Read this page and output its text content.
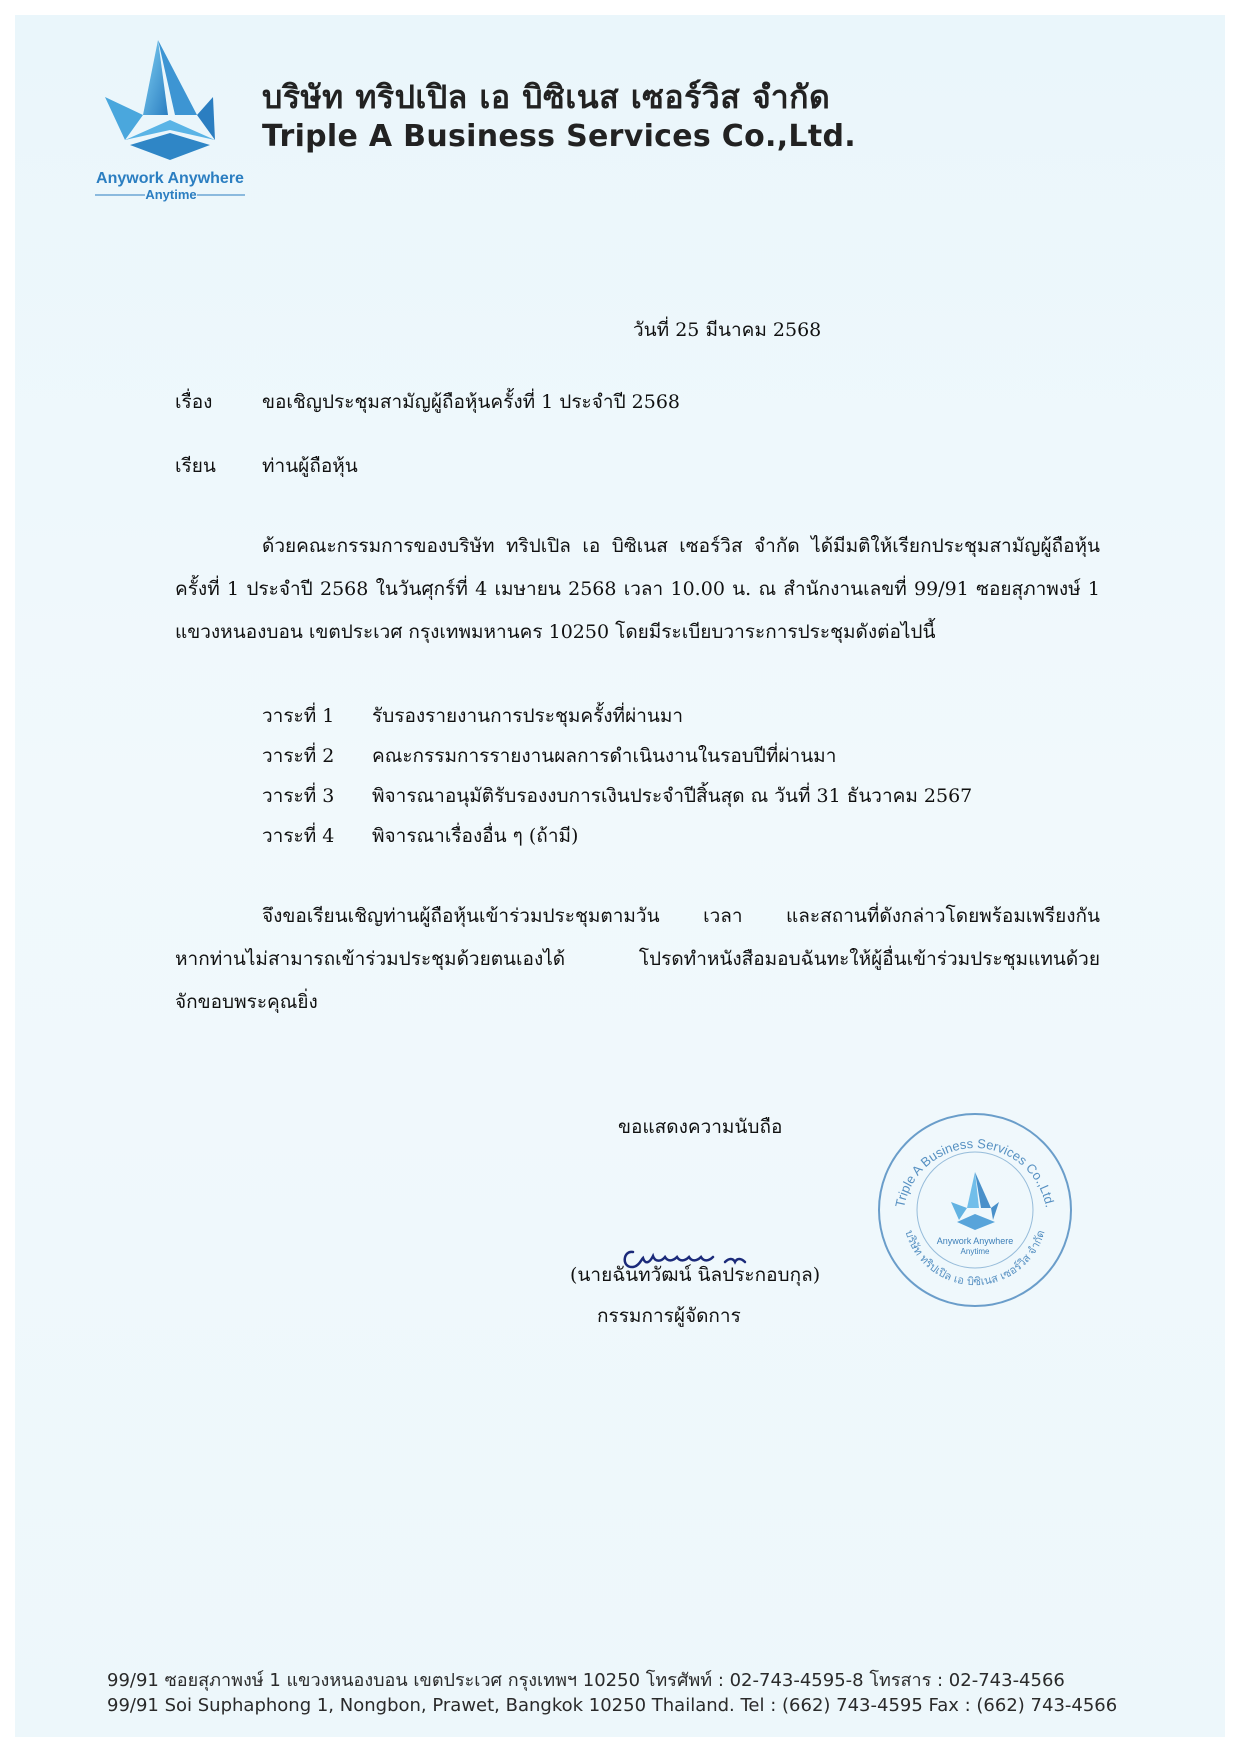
Anywork Anywhere
Anytime
บริษัท ทริปเปิล เอ บิซิเนส เซอร์วิส จำกัด
Triple A Business Services Co.,Ltd.
วันที่ 25 มีนาคม 2568
เรื่อง	ขอเชิญประชุมสามัญผู้ถือหุ้นครั้งที่ 1 ประจำปี 2568
เรียน ท่านผู้ถือหุ้น

ด้วยคณะกรรมการของบริษัท ทริปเปิล เอ บิซิเนส เซอร์วิส จำกัด ได้มีมติให้เรียกประชุมสามัญผู้ถือหุ้น

ครั้งที่ 1 ประจำปี 2568 ในวันศุกร์ที่ 4 เมษายน 2568 เวลา 10.00 น. ณ สำนักงานเลขที่ 99/91 ซอยสุภาพงษ์ 1

แขวงหนองบอน เขตประเวศ กรุงเทพมหานคร 10250 โดยมีระเบียบวาระการประชุมดังต่อไปนี้

วาระที่ 1 รับรองรายงานการประชุมครั้งที่ผ่านมา
วาระที่ 2 คณะกรรมการรายงานผลการดำเนินงานในรอบปีที่ผ่านมา
วาระที่ 3 พิจารณาอนุมัติรับรองงบการเงินประจำปีสิ้นสุด ณ วันที่ 31 ธันวาคม 2567
วาระที่ 4 พิจารณาเรื่องอื่น ๆ (ถ้ามี)

จึงขอเรียนเชิญท่านผู้ถือหุ้นเข้าร่วมประชุมตามวัน เวลา และสถานที่ดังกล่าวโดยพร้อมเพรียงกัน

หากท่านไม่สามารถเข้าร่วมประชุมด้วยตนเองได้ โปรดทำหนังสือมอบฉันทะให้ผู้อื่นเข้าร่วมประชุมแทนด้วย

จักขอบพระคุณยิ่ง

ขอแสดงความนับถือ
(นายฉันทวัฒน์ นิลประกอบกุล)
กรรมการผู้จัดการ
Triple A Business Services Co.,Ltd.
บริษัท ทริปเปิล เอ บิซิเนส เซอร์วิส จำกัด
Anywork Anywhere
Anytime
99/91 ซอยสุภาพงษ์ 1 แขวงหนองบอน เขตประเวศ กรุงเทพฯ 10250 โทรศัพท์ : 02-743-4595-8 โทรสาร : 02-743-4566
99/91 Soi Suphaphong 1, Nongbon, Prawet, Bangkok 10250 Thailand. Tel : (662) 743-4595 Fax : (662) 743-4566
